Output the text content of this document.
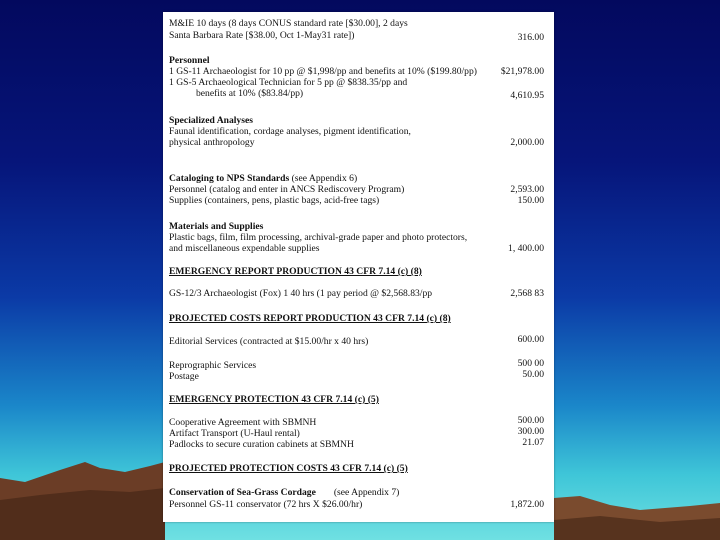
M&IE 10 days (8 days CONUS standard rate [$30.00], 2 days
Santa Barbara Rate [$38.00, Oct 1-May31 rate])	316.00
Personnel
1 GS-11 Archaeologist for 10 pp @ $1,998/pp and benefits at 10% ($199.80/pp) $21,978.00
1 GS-5 Archaeological Technician for 5 pp @ $838.35/pp and
benefits at 10% ($83.84/pp)	4,610.95
Specialized Analyses
Faunal identification, cordage analyses, pigment identification,
physical anthropology	2,000.00
Cataloging to NPS Standards (see Appendix 6)
Personnel (catalog and enter in ANCS Rediscovery Program)	2,593.00
Supplies (containers, pens, plastic bags, acid-free tags)	150.00
Materials and Supplies
Plastic bags, film, film processing, archival-grade paper and photo protectors,
and miscellaneous expendable supplies	1, 400.00
EMERGENCY REPORT PRODUCTION 43 CFR 7.14 (c) (8)
GS-12/3 Archaeologist (Fox) 1 40 hrs (1 pay period @ $2,568.83/pp	2,568 83
PROJECTED COSTS REPORT PRODUCTION 43 CFR 7.14 (c) (8)
Editorial Services (contracted at $15.00/hr x 40 hrs)	600.00
Reprographic Services	500 00
Postage	50.00
EMERGENCY PROTECTION 43 CFR 7.14 (c) (5)
Cooperative Agreement with SBMNH	500.00
Artifact Transport (U-Haul rental)	300.00
Padlocks to secure curation cabinets at SBMNH	21.07
PROJECTED PROTECTION COSTS 43 CFR 7.14 (c) (5)
Conservation of Sea-Grass Cordage (see Appendix 7)
Personnel GS-11 conservator (72 hrs X $26.00/hr)	1,872.00
